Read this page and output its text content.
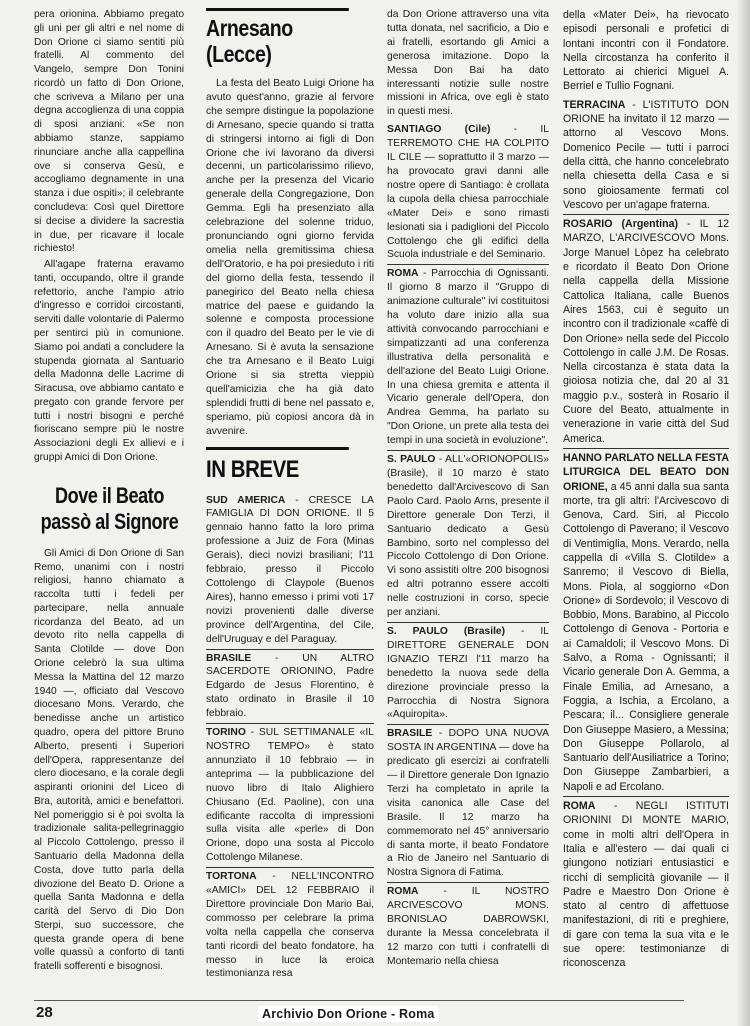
pera orionina. Abbiamo pregato gli uni per gli altri e nel nome di Don Orione ci siamo sentiti più fratelli. Al commento del Vangelo, sempre Don Tonini ricordò un fatto di Don Orione, che scriveva a Milano per una degna accoglienza di una coppia di sposi anziani: «Se non abbiamo stanze, sappiamo rinunciare anche alla cappellina ove si conserva Gesù, e accogliamo degnamente in una stanza i due ospiti»; il celebrante concludeva: Così quel Direttore si decise a dividere la sacrestia in due, per ricavare il locale richiesto!

All'agape fraterna eravamo tanti, occupando, oltre il grande refettorio, anche l'ampio atrio d'ingresso e corridoi circostanti, serviti dalle volontarie di Palermo per sentirci più in comunione. Siamo poi andati a concludere la stupenda giornata al Santuario della Madonna delle Lacrime di Siracusa, ove abbiamo cantato e pregato con grande fervore per tutti i nostri bisogni e perché fioriscano sempre più le nostre Associazioni degli Ex allievi e i gruppi Amici di Don Orione.

Dove il Beato passò al Signore

Gli Amici di Don Orione di San Remo, unanimi con i nostri religiosi, hanno chiamato a raccolta tutti i fedeli per partecipare, nella annuale ricordanza del Beato, ad un devoto rito nella cappella di Santa Clotilde — dove Don Orione celebrò la sua ultima Messa la Mattina del 12 marzo 1940 —, officiato dal Vescovo diocesano Mons. Verardo, che benedisse anche un artistico quadro, opera del pittore Bruno Alberto, presenti i Superiori dell'Opera, rappresentanze del clero diocesano, e la corale degli aspiranti orionini del Liceo di Bra, autorità, amici e benefattori. Nel pomeriggio si è poi svolta la tradizionale salita-pellegrinaggio al Piccolo Cottolengo, presso il Santuario della Madonna della Costa, dove tutto parla della divozione del Beato D. Orione a quella Santa Madonna e della carità del Servo di Dio Don Sterpi, suo successore, che questa grande opera di bene volle quassù a conforto di tanti fratelli sofferenti e bisognosi.

Arnesano (Lecce)

La festa del Beato Luigi Orione ha avuto quest'anno, grazie al fervore che sempre distingue la popolazione di Arnesano, specie quando si tratta di stringersi intorno ai figli di Don Orione che ivi lavorano da diversi decenni, un particolarissimo rilievo, anche per la presenza del Vicario generale della Congregazione, Don Gemma. Egli ha presenziato alla celebrazione del solenne triduo, pronunciando ogni giorno fervida omelia nella gremitissima chiesa dell'Oratorio, e ha poi presieduto i riti del giorno della festa, tessendo il panegirico del Beato nella chiesa matrice del paese e guidando la solenne e composta processione con il quadro del Beato per le vie di Arnesano. Si è avuta la sensazione che tra Arnesano e il Beato Luigi Orione si sia stretta vieppiù quell'amicizia che ha già dato splendidi frutti di bene nel passato e, speriamo, più copiosi ancora dà in avvenire.

IN BREVE

SUD AMERICA - CRESCE LA FAMIGLIA DI DON ORIONE. Il 5 gennaio hanno fatto la loro prima professione a Juiz de Fora (Minas Gerais), dieci novizi brasiliani; l'11 febbraio, presso il Piccolo Cottolengo di Claypole (Buenos Aires), hanno emesso i primi voti 17 novizi provenienti dalle diverse province dell'Argentina, del Cile, dell'Uruguay e del Paraguay.

BRASILE - UN ALTRO SACERDOTE ORIONINO, Padre Edgardo de Jesus Florentino, è stato ordinato in Brasile il 10 febbraio.

TORINO - SUL SETTIMANALE «IL NOSTRO TEMPO» è stato annunziato il 10 febbraio — in anteprima — la pubblicazione del nuovo libro di Italo Alighiero Chiusano (Ed. Paoline), con una edificante raccolta di impressioni sulla visita alle «perle» di Don Orione, dopo una sosta al Piccolo Cottolengo Milanese.

TORTONA - NELL'INCONTRO «AMICI» DEL 12 FEBBRAIO il Direttore provinciale Don Mario Bai, commosso per celebrare la prima volta nella cappella che conserva tanti ricordi del beato fondatore, ha messo in luce la eroica testimonianza resa

da Don Orione attraverso una vita tutta donata, nel sacrificio, a Dio e ai fratelli, esortando gli Amici a generosa imitazione. Dopo la Messa Don Bai ha dato interessanti notizie sulle nostre missioni in Africa, ove egli è stato in questi mesi.

SANTIAGO (Cile) - IL TERREMOTO CHE HA COLPITO IL CILE — soprattutto il 3 marzo — ha provocato gravi danni alle nostre opere di Santiago: è crollata la cupola della chiesa parrocchiale «Mater Dei» e sono rimasti lesionati sia i padiglioni del Piccolo Cottolengo che gli edifici della Scuola industriale e del Seminario.

ROMA - Parrocchia di Ognissanti. Il giorno 8 marzo il "Gruppo di animazione culturale" ivi costituitosi ha voluto dare inizio alla sua attività convocando parrocchiani e simpatizzanti ad una conferenza illustrativa della personalità e dell'azione del Beato Luigi Orione. In una chiesa gremita e attenta il Vicario generale dell'Opera, don Andrea Gemma, ha parlato su "Don Orione, un prete alla testa dei tempi in una società in evoluzione".

S. PAULO - ALL'«ORIONOPOLIS» (Brasile), il 10 marzo è stato benedetto dall'Arcivescovo di San Paolo Card. Paolo Arns, presente il Direttore generale Don Terzi, il Santuario dedicato a Gesù Bambino, sorto nel complesso del Piccolo Cottolengo di Don Orione. Vi sono assistiti oltre 200 bisognosi ed altri potranno essere accolti nelle costruzioni in corso, specie per anziani.

S. PAULO (Brasile) - IL DIRETTORE GENERALE DON IGNAZIO TERZI l'11 marzo ha benedetto la nuova sede della direzione provinciale presso la Parrocchia di Nostra Signora «Aquiropita».

BRASILE - DOPO UNA NUOVA SOSTA IN ARGENTINA — dove ha predicato gli esercizi ai confratelli — il Direttore generale Don Ignazio Terzi ha completato in aprile la visita canonica alle Case del Brasile. Il 12 marzo ha commemorato nel 45° anniversario di santa morte, il beato Fondatore a Rio de Janeiro nel Santuario di Nostra Signora di Fatima.

ROMA - IL NOSTRO ARCIVESCOVO MONS. BRONISLAO DABROWSKI, durante la Messa concelebrata il 12 marzo con tutti i confratelli di Montemario nella chiesa

della «Mater Dei», ha rievocato episodi personali e profetici di lontani incontri con il Fondatore. Nella circostanza ha conferito il Lettorato ai chierici Miguel A. Berriel e Tullio Fognani.

TERRACINA - L'ISTITUTO DON ORIONE ha invitato il 12 marzo — attorno al Vescovo Mons. Domenico Pecile — tutti i parroci della città, che hanno concelebrato nella chiesetta della Casa e si sono gioiosamente fermati col Vescovo per un'agape fraterna.

ROSARIO (Argentina) - IL 12 MARZO, L'ARCIVESCOVO Mons. Jorge Manuel Lòpez ha celebrato e ricordato il Beato Don Orione nella cappella della Missione Cattolica Italiana, calle Buenos Aires 1563, cui è seguito un incontro con il tradizionale «caffè di Don Orione» nella sede del Piccolo Cottolengo in calle J.M. De Rosas. Nella circostanza è stata data la gioiosa notizia che, dal 20 al 31 maggio p.v., sosterà in Rosario il Cuore del Beato, attualmente in venerazione in varie città del Sud America.

HANNO PARLATO NELLA FESTA LITURGICA DEL BEATO DON ORIONE, a 45 anni dalla sua santa morte, tra gli altri: l'Arcivescovo di Genova, Card. Siri, al Piccolo Cottolengo di Paverano; il Vescovo di Ventimiglia, Mons. Verardo, nella cappella di «Villa S. Clotilde» a Sanremo; il Vescovo di Biella, Mons. Piola, al soggiorno «Don Orione» di Sordevolo; il Vescovo di Bobbio, Mons. Barabino, al Piccolo Cottolengo di Genova - Portoria e ai Camaldoli; il Vescovo Mons. Di Salvo, a Roma - Ognissanti; il Vicario generale Don A. Gemma, a Finale Emilia, ad Arnesano, a Foggia, a Ischia, a Ercolano, a Pescara; il... Consigliere generale Don Giuseppe Masiero, a Messina; Don Giuseppe Pollarolo, al Santuario dell'Ausiliatrice a Torino; Don Giuseppe Zambarbieri, a Napoli e ad Ercolano.

ROMA - NEGLI ISTITUTI ORIONINI DI MONTE MARIO, come in molti altri dell'Opera in Italia e all'estero — dai quali ci giungono notiziari entusiastici e ricchi di semplicità giovanile — il Padre e Maestro Don Orione è stato al centro di affettuose manifestazioni, di riti e preghiere, di gare con tema la sua vita e le sue opere: testimonianze di riconoscenza

28	Archivio Don Orione - Roma
